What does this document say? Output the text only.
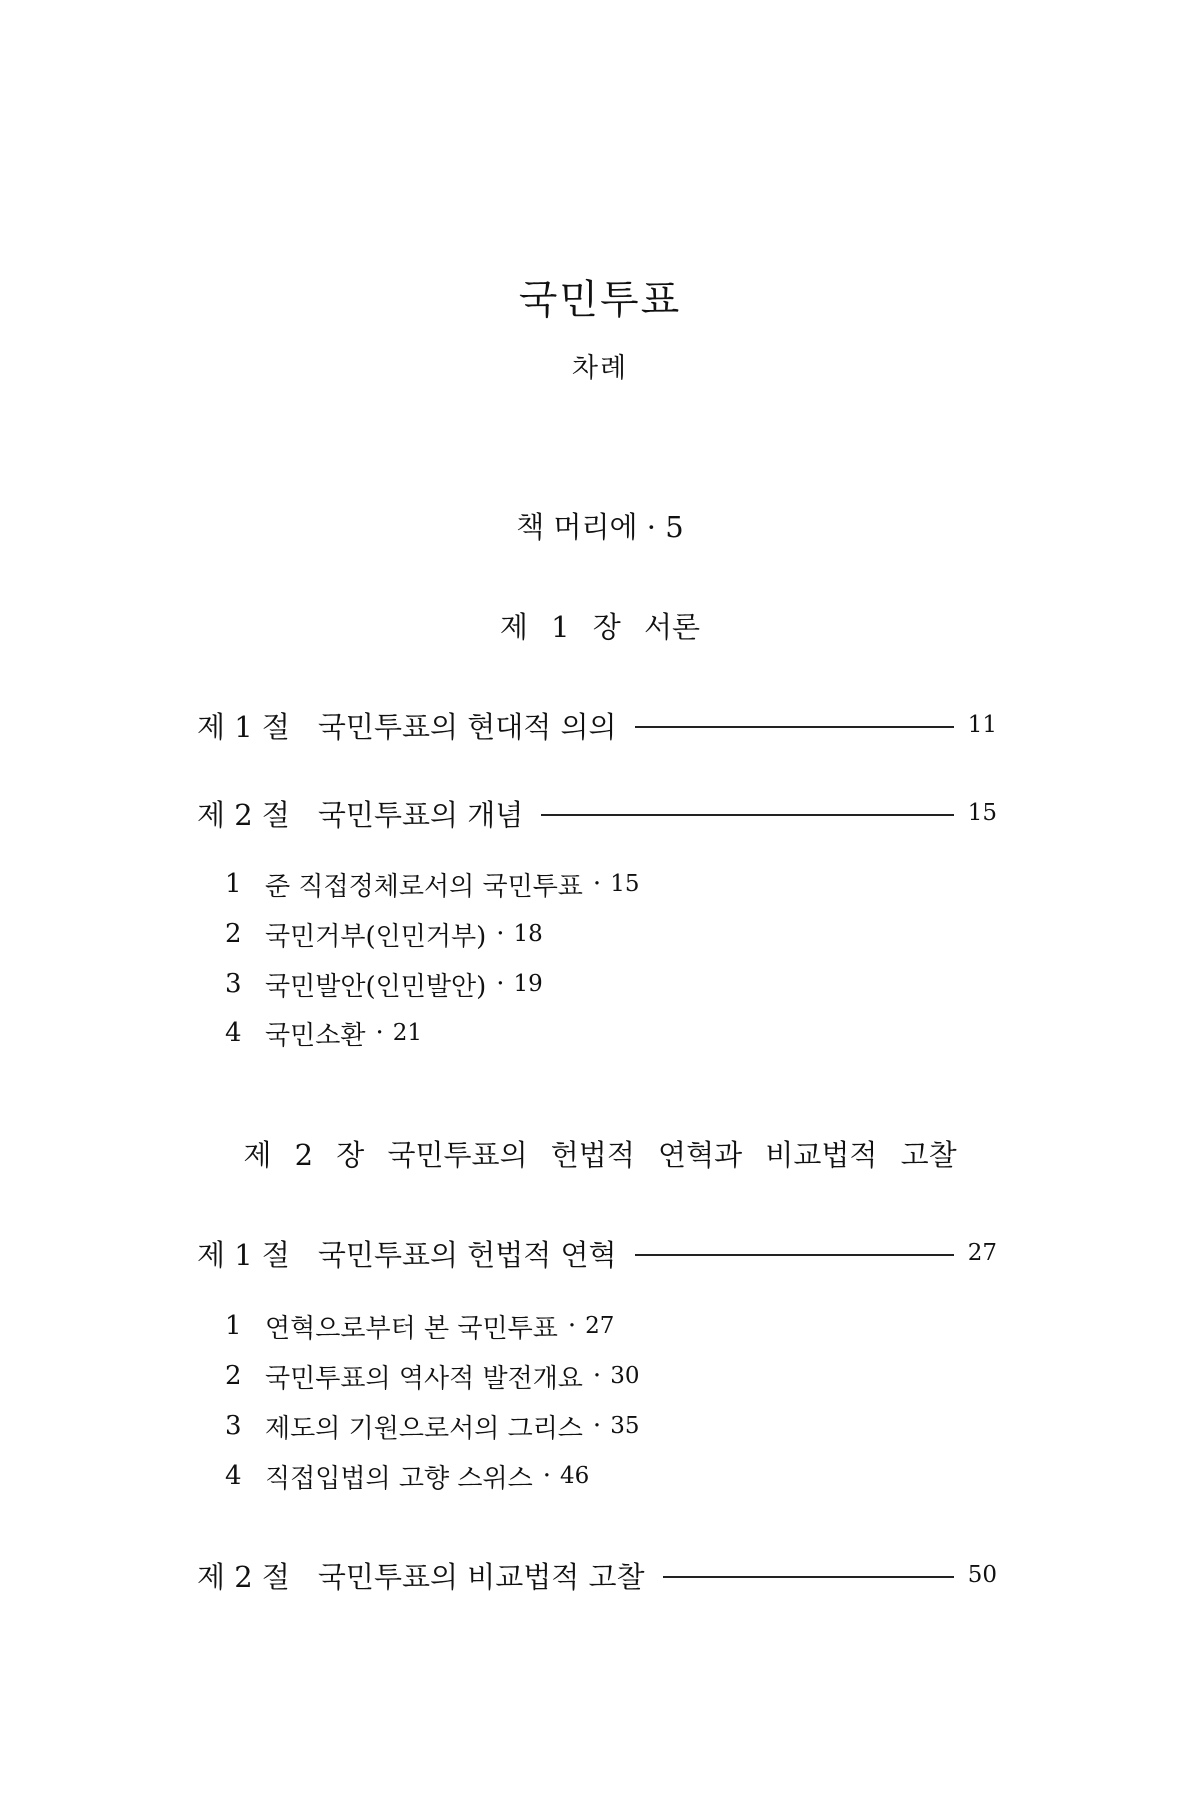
국민투표
차례
책 머리에 · 5
제 1 장 서론
제 1 절 국민투표의 현대적 의의	11
제 2 절 국민투표의 개념	15
1 준 직접정체로서의 국민투표 · 15
2 국민거부(인민거부) · 18
3 국민발안(인민발안) · 19
4 국민소환 · 21
제 2 장 국민투표의 헌법적 연혁과 비교법적 고찰
제 1 절 국민투표의 헌법적 연혁	27
1 연혁으로부터 본 국민투표 · 27
2 국민투표의 역사적 발전개요 · 30
3 제도의 기원으로서의 그리스 · 35
4 직접입법의 고향 스위스 · 46
제 2 절 국민투표의 비교법적 고찰	50
